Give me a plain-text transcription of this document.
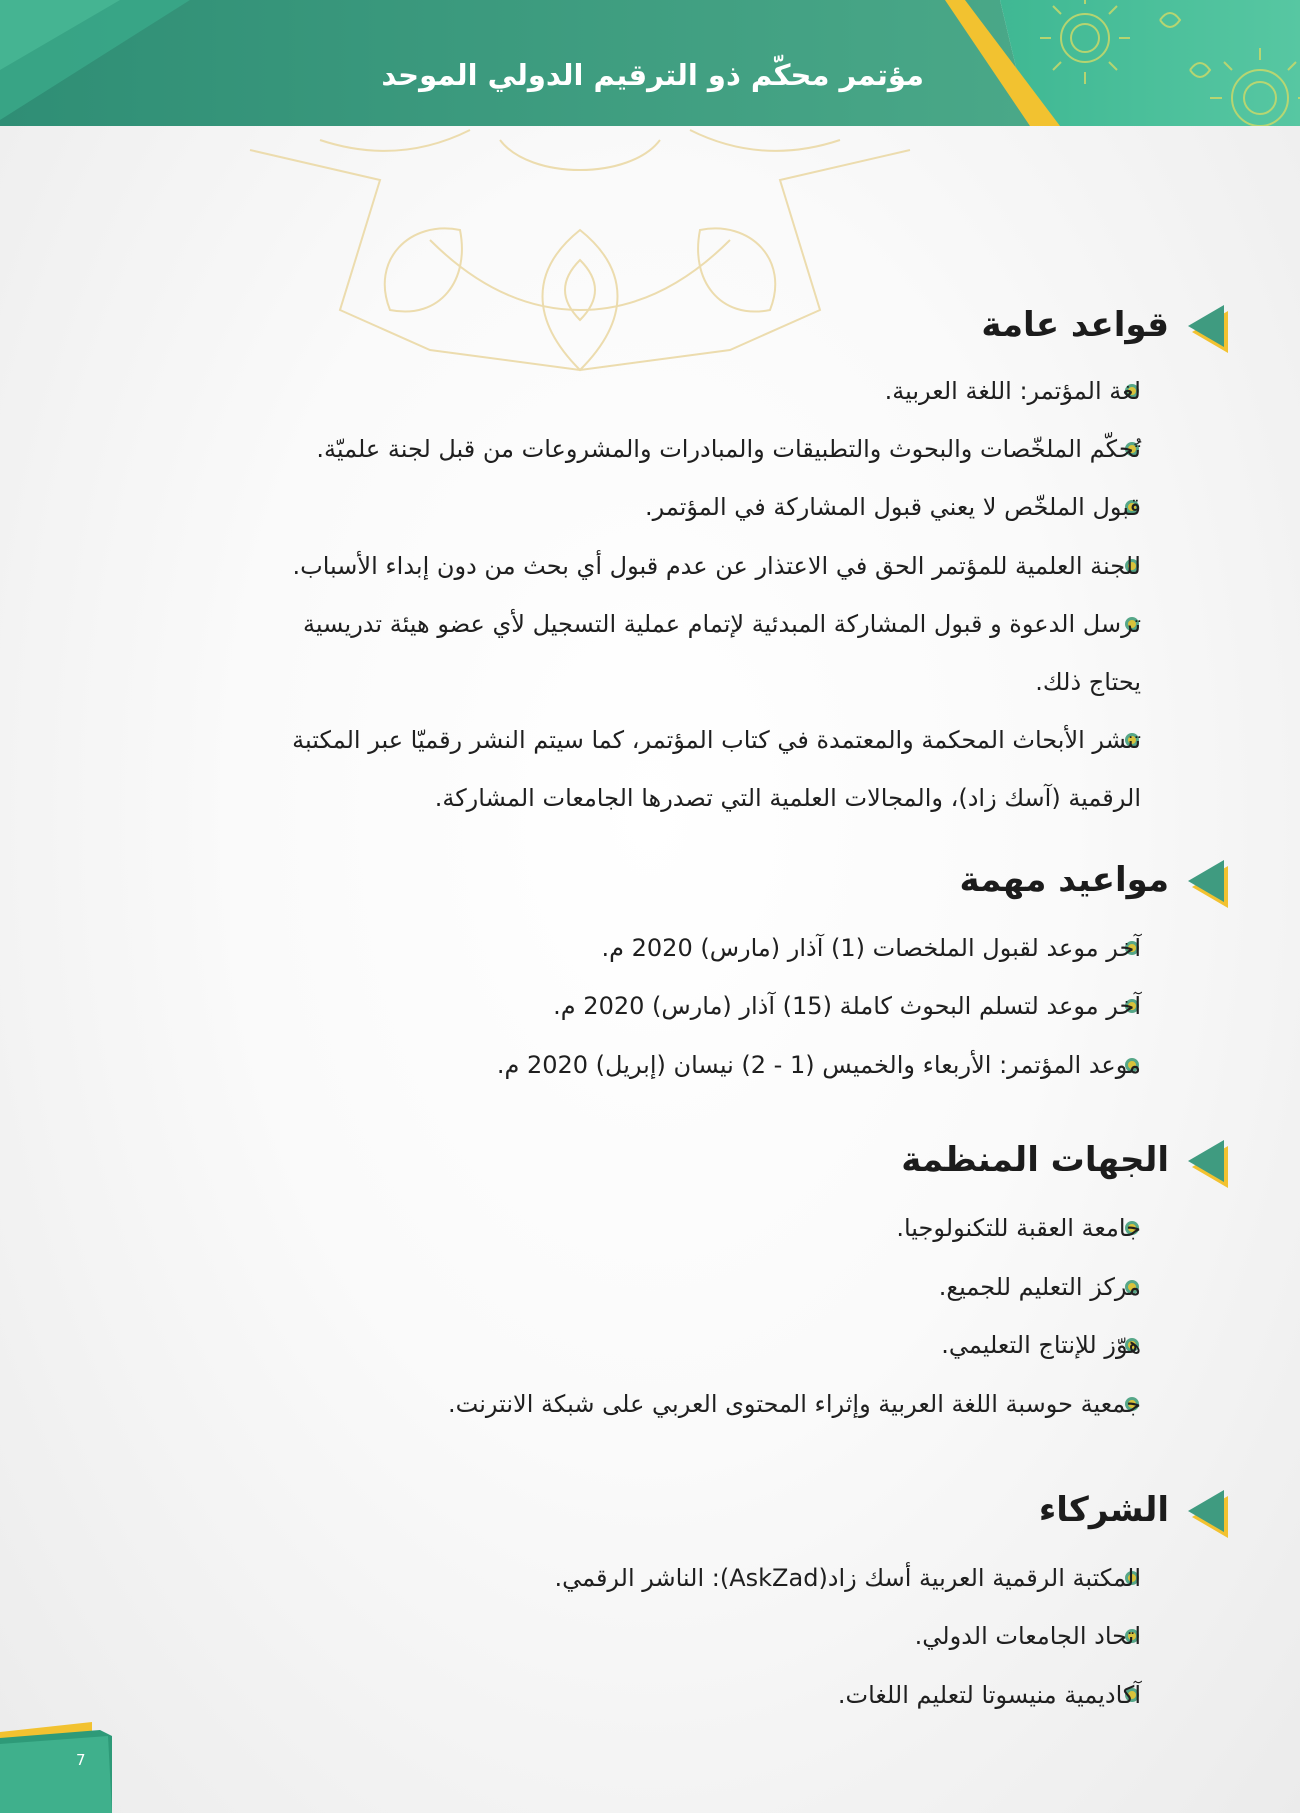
مؤتمر محكّم ذو الترقيم الدولي الموحد
قواعد عامة
لغة المؤتمر: اللغة العربية.
تُحكّم الملخّصات والبحوث والتطبيقات والمبادرات والمشروعات من قبل لجنة علميّة.
قبول الملخّص لا يعني قبول المشاركة في المؤتمر.
للجنة العلمية للمؤتمر الحق في الاعتذار عن عدم قبول أي بحث من دون إبداء الأسباب.
ترسل الدعوة و قبول المشاركة المبدئية لإتمام عملية التسجيل لأي عضو هيئة تدريسية
يحتاج ذلك.
تنشر الأبحاث المحكمة والمعتمدة في كتاب المؤتمر، كما سيتم النشر رقميّا عبر المكتبة
الرقمية (آسك زاد)، والمجالات العلمية التي تصدرها الجامعات المشاركة.
مواعيد مهمة
آخر موعد لقبول الملخصات (1) آذار (مارس) 2020 م.
آخر موعد لتسلم البحوث كاملة (15) آذار (مارس) 2020 م.
موعد المؤتمر: الأربعاء والخميس (1 - 2) نيسان (إبريل) 2020 م.
الجهات المنظمة
جامعة العقبة للتكنولوجيا.
مركز التعليم للجميع.
هوّز للإنتاج التعليمي.
جمعية حوسبة اللغة العربية وإثراء المحتوى العربي على شبكة الانترنت.
الشركاء
المكتبة الرقمية العربية أسك زاد(AskZad): الناشر الرقمي.
اتحاد الجامعات الدولي.
آكاديمية منيسوتا لتعليم اللغات.
7
